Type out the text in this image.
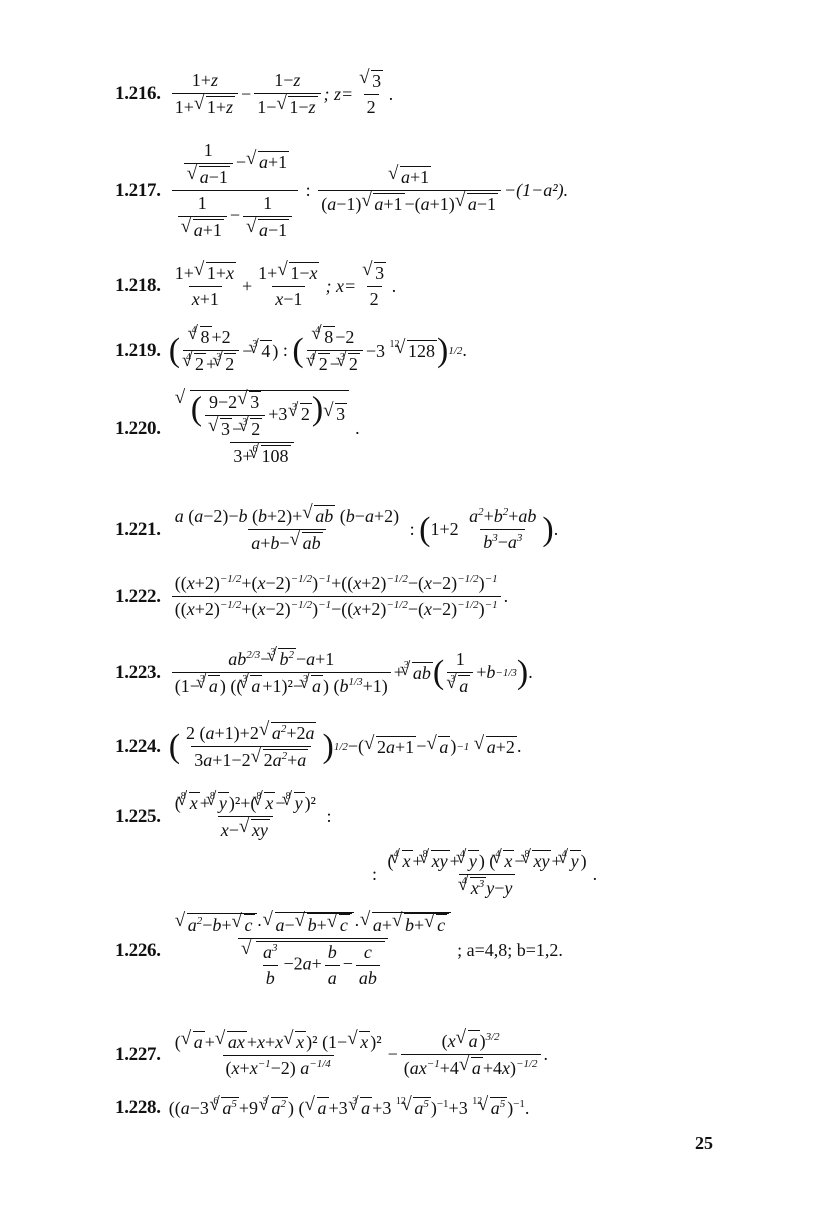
1.216. $\frac{1+z}{1+√ 1+z} - \frac{1-z}{1-√ 1-z}$ ; z=
√ $\frac{3}{2}$ .
1.217. 1
√ a−1 −√ a+1
1
√ a+1 − 1
√ a−1 :
√ $\frac{a+1}{(a-1)√ a+1 -(a+1)√ a-1} -(1-a^2)$.
1.218. $\frac{1+√ 1+x}{x+1} + \frac{1+√ 1-x}{x-1}$ ; x=
√ $\frac{3}{2}$ .
1.219. ( $\frac{^4√ 8 +2}{^4√ 2 +^3√ 2} -^3√$ 4 ) : ( $\frac{^4√ 8 -2}{^4√ 2 -^3√ 2} -3$ $^{12}$ √ 128 ) 1/2 .
1.220.
√ ( 9−2√ 3
√ 3 −$^3$√ 2 +3 $^3$√ 2)√ 3
3+$^6$√ 108 .
1.221. $\frac{a (a-2)-b (b+2)+√ ab (b-a+2)}{a+b-√ ab}$ : ( $1+2 \frac{a^2+b^2+ab}{b^3-a^3}$ ) .
1.222. $\frac{((x+2)^{-1/2}+(x-2)^{-1/2})^{-1}+((x+2)^{-1/2}-(x-2)^{-1/2})^{-1}}{((x+2)^{-1/2}+(x-2)^{-1/2})^{-1}-((x+2)^{-1/2}-(x-2)^{-1/2})^{-1}}$ .
1.223. $\frac{ab^{2/3}-^3√ b^2 -a+1}{(1-^3√ a ) ((^3√ a +1)^2-^3√ a ) (b^{1/3}+1)} +^3$
√ ab ( $\frac{1}{^3√ a} + b -1/3$ ) .
1.224. ( $\frac{2 (a+1)+2√ a^2+2a}{3a+1-2√ 2a^2+a}$ ) 1/2 −(
√ 2a+1 −
√ a ) −1

√ a+2 .
1.225. $\frac{(^8√ x +^8√ y )^2+(^8√ x -^8√ y )^2}{x-√ xy}$ :
: $\frac{(^4√ x +^8√ xy +^4√ y ) (^4√ x -^8√ xy +^4√ y )}{^4√ x^3 y-y}$ .
1.226.
√ $a^2-b+√$ c ·√ a−√ b+√ c ·√ a+√ b+√ c
√ $\frac{a^3}{b} -2a+ \frac{b}{a} - \frac{c}{ab}$ ; a=4,8; b=1,2.
1.227. $\frac{\text{(√ a +√ ax +x+x√ x )² (1−√ x )²}}{(x+x^{-1}-2) a^{-1/4}} - \frac{(x√ a )^{3/2}}{(ax^{-1}+4√ a +4x)^{-1/2}}$ .
1.228. (( a −3 $^6$
√ $a^5 +9$ $^3$
√ $a^2$ ) (
√ a +3 $^3$
√ a +3 $^{12}$
√ $a^5$ )$^{-1}$+3 $^{12}$
√ $a^5$ )$^{-1}$.
25
